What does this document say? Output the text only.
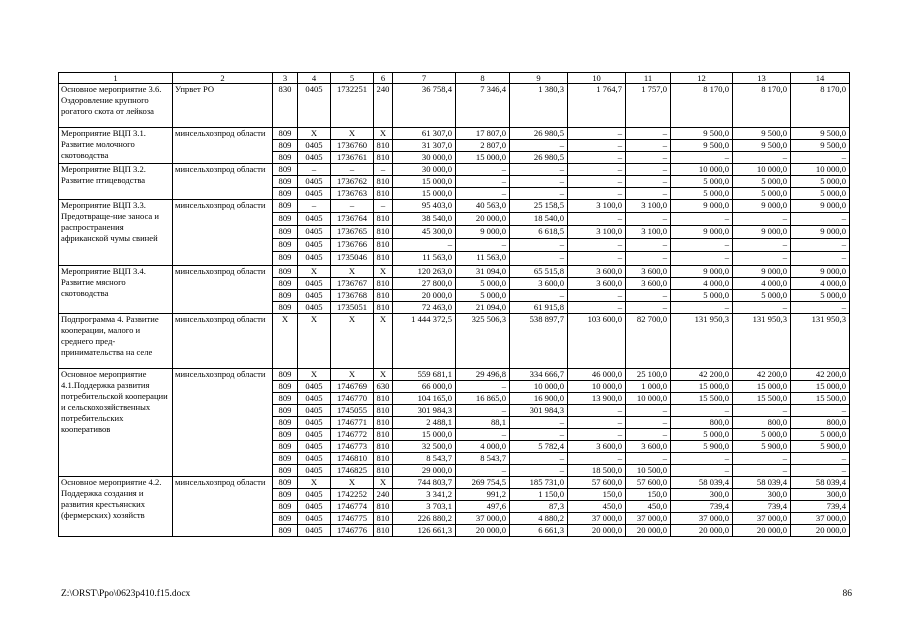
1	2	3	4	5	6	7	8	9	10	11	12	13	14
Основное мероприятие 3.6. Оздоровление крупного рогатого скота от лейкоза	Упрвет РО	830	0405	1732251	240	36 758,4	7 346,4	1 380,3	1 764,7	1 757,0	8 170,0	8 170,0	8 170,0
Мероприятие ВЦП 3.1. Развитие молочного скотоводства	минсельхозпрод области	809	Х	Х	Х	61 307,0	17 807,0	26 980,5	–	–	9 500,0	9 500,0	9 500,0
		809	0405	1736760	810	31 307,0	2 807,0	–	–	–	9 500,0	9 500,0	9 500,0
		809	0405	1736761	810	30 000,0	15 000,0	26 980,5	–	–	–	–	–
Мероприятие ВЦП 3.2. Развитие птицеводства	минсельхозпрод области	809	–	–	–	30 000,0	–	–	–	–	10 000,0	10 000,0	10 000,0
		809	0405	1736762	810	15 000,0	–	–	–	–	5 000,0	5 000,0	5 000,0
		809	0405	1736763	810	15 000,0	–	–	–	–	5 000,0	5 000,0	5 000,0
Мероприятие ВЦП 3.3. Предотвраще-ние заноса и распространения африканской чумы свиней	минсельхозпрод области	809	–	–	–	95 403,0	40 563,0	25 158,5	3 100,0	3 100,0	9 000,0	9 000,0	9 000,0
		809	0405	1736764	810	38 540,0	20 000,0	18 540,0	–	–	–	–	–
		809	0405	1736765	810	45 300,0	9 000,0	6 618,5	3 100,0	3 100,0	9 000,0	9 000,0	9 000,0
		809	0405	1736766	810	–	–	–	–	–	–	–	–
		809	0405	1735046	810	11 563,0	11 563,0	–	–	–	–	–	–
Мероприятие ВЦП 3.4. Развитие мясного скотоводства	минсельхозпрод области	809	Х	Х	Х	120 263,0	31 094,0	65 515,8	3 600,0	3 600,0	9 000,0	9 000,0	9 000,0
		809	0405	1736767	810	27 800,0	5 000,0	3 600,0	3 600,0	3 600,0	4 000,0	4 000,0	4 000,0
		809	0405	1736768	810	20 000,0	5 000,0	–	–	–	5 000,0	5 000,0	5 000,0
		809	0405	1735051	810	72 463,0	21 094,0	61 915,8	–	–	–	–	–
Подпрограмма 4. Развитие кооперации, малого и среднего пред-принимательства на селе	минсельхозпрод области	Х	Х	Х	Х	1 444 372,5	325 506,3	538 897,7	103 600,0	82 700,0	131 950,3	131 950,3	131 950,3
Основное мероприятие 4.1.Поддержка развития потребительской кооперации и сельскохозяйственных потребительских кооперативов	минсельхозпрод области	809	Х	Х	Х	559 681,1	29 496,8	334 666,7	46 000,0	25 100,0	42 200,0	42 200,0	42 200,0
		809	0405	1746769	630	66 000,0	–	10 000,0	10 000,0	1 000,0	15 000,0	15 000,0	15 000,0
		809	0405	1746770	810	104 165,0	16 865,0	16 900,0	13 900,0	10 000,0	15 500,0	15 500,0	15 500,0
		809	0405	1745055	810	301 984,3	–	301 984,3	–	–	–	–	–
		809	0405	1746771	810	2 488,1	88,1	–	–	–	800,0	800,0	800,0
		809	0405	1746772	810	15 000,0	–	–	–	–	5 000,0	5 000,0	5 000,0
		809	0405	1746773	810	32 500,0	4 000,0	5 782,4	3 600,0	3 600,0	5 900,0	5 900,0	5 900,0
		809	0405	1746810	810	8 543,7	8 543,7	–	–	–	–	–	–
		809	0405	1746825	810	29 000,0	–	–	18 500,0	10 500,0	–	–	–
Основное мероприятие 4.2. Поддержка создания и развития крестьянских (фермерских) хозяйств	минсельхозпрод области	809	Х	Х	Х	744 803,7	269 754,5	185 731,0	57 600,0	57 600,0	58 039,4	58 039,4	58 039,4
		809	0405	1742252	240	3 341,2	991,2	1 150,0	150,0	150,0	300,0	300,0	300,0
		809	0405	1746774	810	3 703,1	497,6	87,3	450,0	450,0	739,4	739,4	739,4
		809	0405	1746775	810	226 880,2	37 000,0	4 880,2	37 000,0	37 000,0	37 000,0	37 000,0	37 000,0
		809	0405	1746776	810	126 661,3	20 000,0	6 661,3	20 000,0	20 000,0	20 000,0	20 000,0	20 000,0
Z:\ORST\Ppo\0623p410.f15.docx	86
